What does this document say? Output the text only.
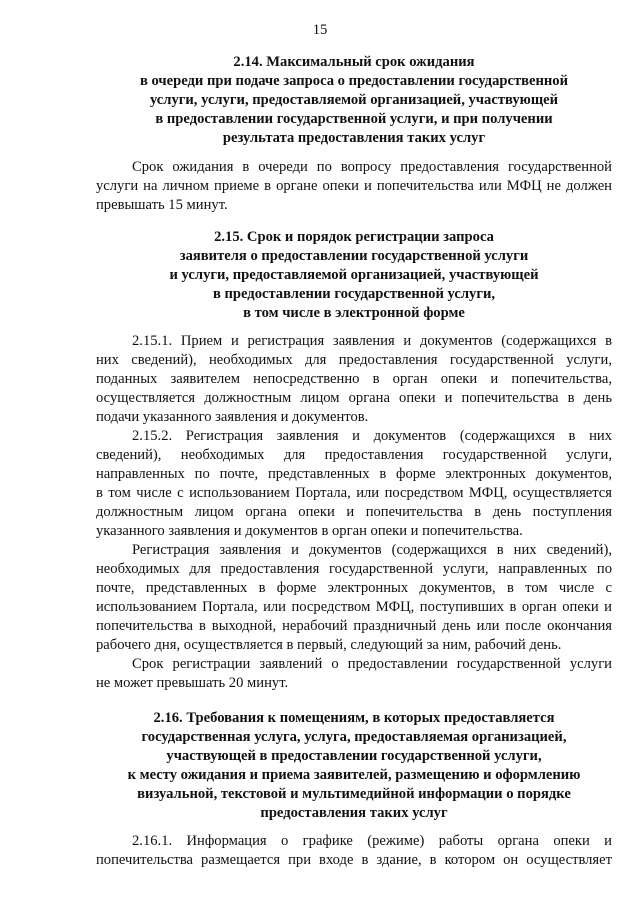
15
2.14. Максимальный срок ожидания
в очереди при подаче запроса о предоставлении государственной
услуги, услуги, предоставляемой организацией, участвующей
в предоставлении государственной услуги, и при получении
результата предоставления таких услуг
Срок ожидания в очереди по вопросу предоставления государственной
услуги на личном приеме в органе опеки и попечительства или МФЦ не должен
превышать 15 минут.
2.15. Срок и порядок регистрации запроса
заявителя о предоставлении государственной услуги
и услуги, предоставляемой организацией, участвующей
в предоставлении государственной услуги,
в том числе в электронной форме
2.15.1. Прием и регистрация заявления и документов (содержащихся в
них сведений), необходимых для предоставления государственной услуги,
поданных заявителем непосредственно в орган опеки и попечительства,
осуществляется должностным лицом органа опеки и попечительства в день
подачи указанного заявления и документов.
2.15.2. Регистрация заявления и документов (содержащихся в них
сведений), необходимых для предоставления государственной услуги,
направленных по почте, представленных в форме электронных документов,
в том числе с использованием Портала, или посредством МФЦ, осуществляется
должностным лицом органа опеки и попечительства в день поступления
указанного заявления и документов в орган опеки и попечительства.
Регистрация заявления и документов (содержащихся в них сведений),
необходимых для предоставления государственной услуги, направленных по
почте, представленных в форме электронных документов, в том числе с
использованием Портала, или посредством МФЦ, поступивших в орган опеки и
попечительства в выходной, нерабочий праздничный день или после окончания
рабочего дня, осуществляется в первый, следующий за ним, рабочий день.
Срок регистрации заявлений о предоставлении государственной услуги
не может превышать 20 минут.
2.16. Требования к помещениям, в которых предоставляется
государственная услуга, услуга, предоставляемая организацией,
участвующей в предоставлении государственной услуги,
к месту ожидания и приема заявителей, размещению и оформлению
визуальной, текстовой и мультимедийной информации о порядке
предоставления таких услуг
2.16.1. Информация о графике (режиме) работы органа опеки и
попечительства размещается при входе в здание, в котором он осуществляет
